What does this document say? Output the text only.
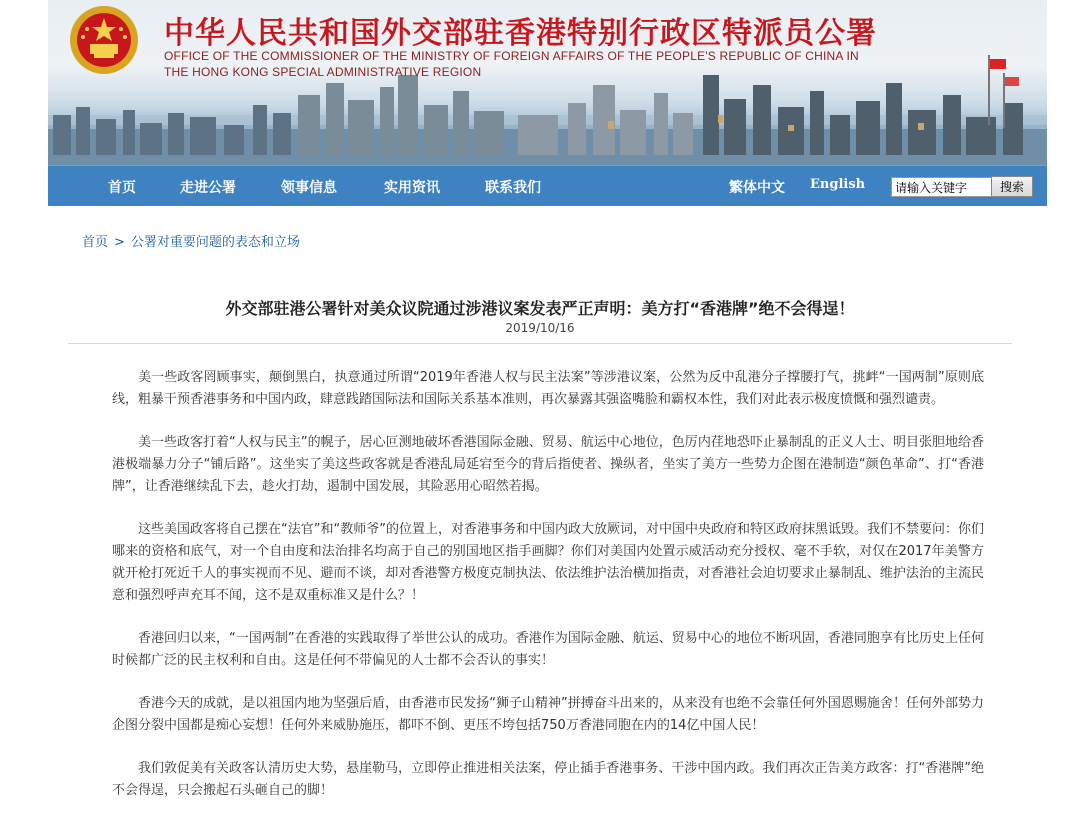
中华人民共和国外交部驻香港特别行政区特派员公署
OFFICE OF THE COMMISSIONER OF THE MINISTRY OF FOREIGN AFFAIRS OF THE PEOPLE'S REPUBLIC OF CHINA IN
THE HONG KONG SPECIAL ADMINISTRATIVE REGION
首页	走进公署	领事信息	实用资讯	联系我们	繁体中文 English
请输入关键字	搜索
首页 > 公署对重要问题的表态和立场
外交部驻港公署针对美众议院通过涉港议案发表严正声明：美方打“香港牌”绝不会得逞！
2019/10/16

美一些政客罔顾事实，颠倒黑白，执意通过所谓“2019年香港人权与民主法案”等涉港议案，公然为反中乱港分子撑腰打气，挑衅“一国两制”原则底线，粗暴干预香港事务和中国内政，肆意践踏国际法和国际关系基本准则，再次暴露其强盗嘴脸和霸权本性，我们对此表示极度愤慨和强烈谴责。

美一些政客打着“人权与民主”的幌子，居心叵测地破坏香港国际金融、贸易、航运中心地位，色厉内荏地恐吓止暴制乱的正义人士、明目张胆地给香港极端暴力分子“铺后路”。这坐实了美这些政客就是香港乱局延宕至今的背后指使者、操纵者，坐实了美方一些势力企图在港制造“颜色革命”、打“香港牌”，让香港继续乱下去，趁火打劫，遏制中国发展，其险恶用心昭然若揭。

这些美国政客将自己摆在“法官”和“教师爷”的位置上，对香港事务和中国内政大放厥词，对中国中央政府和特区政府抹黑诋毁。我们不禁要问：你们哪来的资格和底气，对一个自由度和法治排名均高于自己的别国地区指手画脚？你们对美国内处置示威活动充分授权、毫不手软，对仅在2017年美警方就开枪打死近千人的事实视而不见、避而不谈，却对香港警方极度克制执法、依法维护法治横加指责，对香港社会迫切要求止暴制乱、维护法治的主流民意和强烈呼声充耳不闻，这不是双重标准又是什么？！

香港回归以来，“一国两制”在香港的实践取得了举世公认的成功。香港作为国际金融、航运、贸易中心的地位不断巩固，香港同胞享有比历史上任何时候都广泛的民主权利和自由。这是任何不带偏见的人士都不会否认的事实！

香港今天的成就，是以祖国内地为坚强后盾，由香港市民发扬“狮子山精神”拼搏奋斗出来的，从来没有也绝不会靠任何外国恩赐施舍！任何外部势力企图分裂中国都是痴心妄想！任何外来威胁施压，都吓不倒、更压不垮包括750万香港同胞在内的14亿中国人民！

我们敦促美有关政客认清历史大势，悬崖勒马，立即停止推进相关法案，停止插手香港事务、干涉中国内政。我们再次正告美方政客：打“香港牌”绝不会得逞，只会搬起石头砸自己的脚！
